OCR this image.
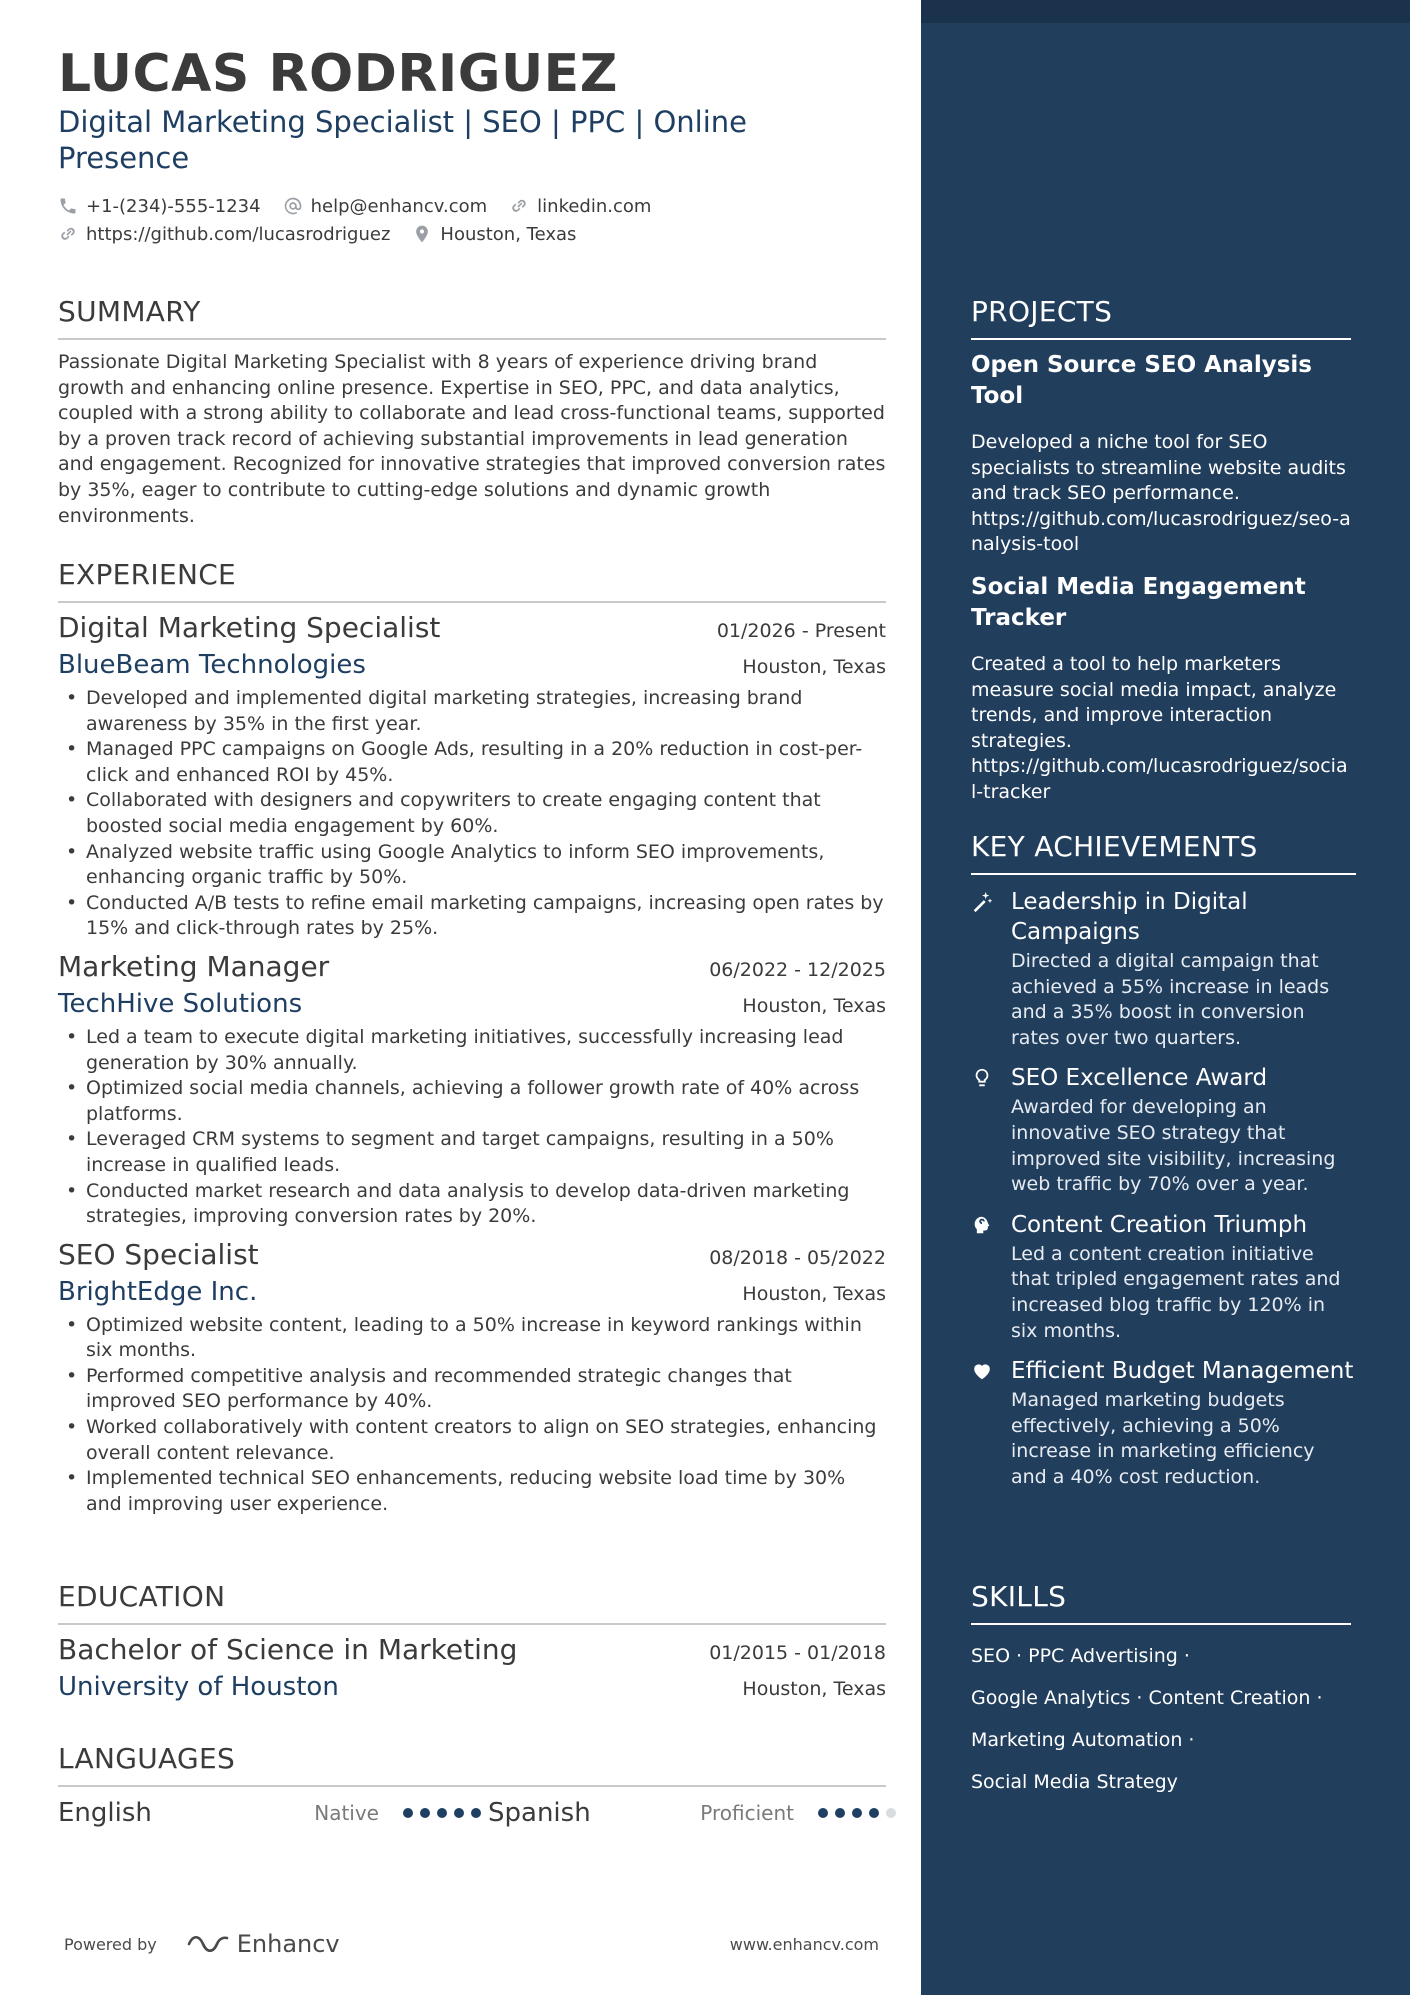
LUCAS RODRIGUEZ
Digital Marketing Specialist | SEO | PPC | Online Presence
+1-(234)-555-1234	help@enhancv.com	linkedin.com
https://github.com/lucasrodriguez	Houston, Texas
SUMMARY
Passionate Digital Marketing Specialist with 8 years of experience driving brand growth and enhancing online presence. Expertise in SEO, PPC, and data analytics, coupled with a strong ability to collaborate and lead cross-functional teams, supported by a proven track record of achieving substantial improvements in lead generation and engagement. Recognized for innovative strategies that improved conversion rates by 35%, eager to contribute to cutting-edge solutions and dynamic growth environments.
EXPERIENCE
Digital Marketing Specialist	01/2026 - Present
BlueBeam Technologies	Houston, Texas
• Developed and implemented digital marketing strategies, increasing brand awareness by 35% in the first year.
• Managed PPC campaigns on Google Ads, resulting in a 20% reduction in cost-per-click and enhanced ROI by 45%.
• Collaborated with designers and copywriters to create engaging content that boosted social media engagement by 60%.
• Analyzed website traffic using Google Analytics to inform SEO improvements, enhancing organic traffic by 50%.
• Conducted A/B tests to refine email marketing campaigns, increasing open rates by 15% and click-through rates by 25%.
Marketing Manager	06/2022 - 12/2025
TechHive Solutions	Houston, Texas
• Led a team to execute digital marketing initiatives, successfully increasing lead generation by 30% annually.
• Optimized social media channels, achieving a follower growth rate of 40% across platforms.
• Leveraged CRM systems to segment and target campaigns, resulting in a 50% increase in qualified leads.
• Conducted market research and data analysis to develop data-driven marketing strategies, improving conversion rates by 20%.
SEO Specialist	08/2018 - 05/2022
BrightEdge Inc.	Houston, Texas
• Optimized website content, leading to a 50% increase in keyword rankings within six months.
• Performed competitive analysis and recommended strategic changes that improved SEO performance by 40%.
• Worked collaboratively with content creators to align on SEO strategies, enhancing overall content relevance.
• Implemented technical SEO enhancements, reducing website load time by 30% and improving user experience.
EDUCATION
Bachelor of Science in Marketing	01/2015 - 01/2018
University of Houston	Houston, Texas
LANGUAGES
English	Native	Spanish	Proficient
Powered by	Enhancv	www.enhancv.com
PROJECTS
Open Source SEO Analysis Tool
Developed a niche tool for SEO specialists to streamline website audits and track SEO performance.
https://github.com/lucasrodriguez/seo-analysis-tool
Social Media Engagement Tracker
Created a tool to help marketers measure social media impact, analyze trends, and improve interaction strategies.
https://github.com/lucasrodriguez/social-tracker
KEY ACHIEVEMENTS
Leadership in Digital Campaigns
Directed a digital campaign that achieved a 55% increase in leads and a 35% boost in conversion rates over two quarters.
SEO Excellence Award
Awarded for developing an innovative SEO strategy that improved site visibility, increasing web traffic by 70% over a year.
Content Creation Triumph
Led a content creation initiative that tripled engagement rates and increased blog traffic by 120% in six months.
Efficient Budget Management
Managed marketing budgets effectively, achieving a 50% increase in marketing efficiency and a 40% cost reduction.
SKILLS
SEO · PPC Advertising ·
Google Analytics · Content Creation ·
Marketing Automation ·
Social Media Strategy
